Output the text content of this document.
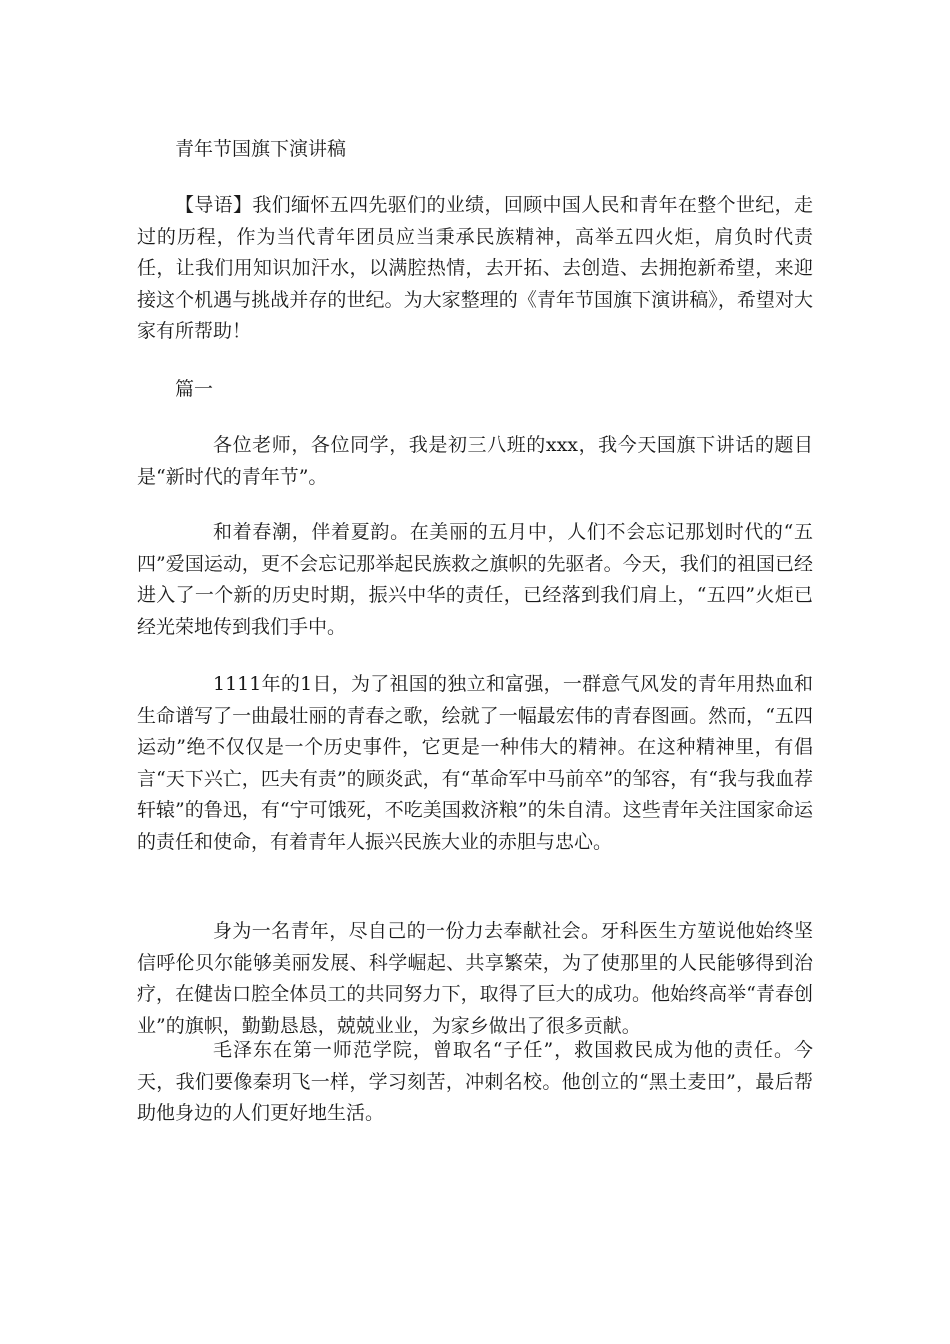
青年节国旗下演讲稿

【导语】我们缅怀五四先驱们的业绩，回顾中国人民和青年在整个世纪，走过的历程，作为当代青年团员应当秉承民族精神，高举五四火炬，肩负时代责任，让我们用知识加汗水，以满腔热情，去开拓、去创造、去拥抱新希望，来迎接这个机遇与挑战并存的世纪。为大家整理的《青年节国旗下演讲稿》，希望对大家有所帮助！

篇一

各位老师，各位同学，我是初三八班的xxx，我今天国旗下讲话的题目是“新时代的青年节”。

和着春潮，伴着夏韵。在美丽的五月中，人们不会忘记那划时代的“五四”爱国运动，更不会忘记那举起民族救之旗帜的先驱者。今天，我们的祖国已经进入了一个新的历史时期，振兴中华的责任，已经落到我们肩上，“五四”火炬已经光荣地传到我们手中。

1111年的1日，为了祖国的独立和富强，一群意气风发的青年用热血和生命谱写了一曲最壮丽的青春之歌，绘就了一幅最宏伟的青春图画。然而，“五四运动”绝不仅仅是一个历史事件，它更是一种伟大的精神。在这种精神里，有倡言“天下兴亡，匹夫有责”的顾炎武，有“革命军中马前卒”的邹容，有“我与我血荐轩辕”的鲁迅，有“宁可饿死，不吃美国救济粮”的朱自清。这些青年关注国家命运的责任和使命，有着青年人振兴民族大业的赤胆与忠心。

身为一名青年，尽自己的一份力去奉献社会。牙科医生方堃说他始终坚信呼伦贝尔能够美丽发展、科学崛起、共享繁荣，为了使那里的人民能够得到治疗，在健齿口腔全体员工的共同努力下，取得了巨大的成功。他始终高举“青春创业”的旗帜，勤勤恳恳，兢兢业业，为家乡做出了很多贡献。

毛泽东在第一师范学院，曾取名“子任”，救国救民成为他的责任。今天，我们要像秦玥飞一样，学习刻苦，冲刺名校。他创立的“黑土麦田”，最后帮助他身边的人们更好地生活。
